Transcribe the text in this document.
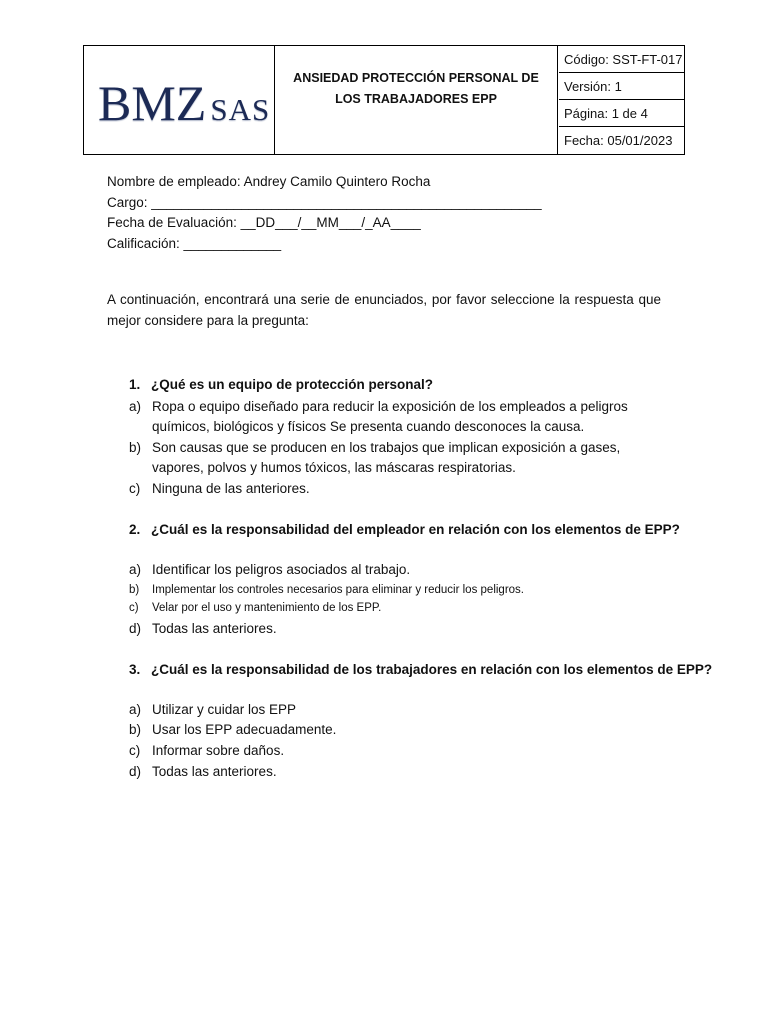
BMZ SAS
ANSIEDAD PROTECCIÓN PERSONAL DE LOS TRABAJADORES EPP
Código: SST-FT-017
Versión: 1
Página: 1 de 4
Fecha: 05/01/2023
Nombre de empleado: Andrey Camilo Quintero Rocha
Cargo: ____________________________________________________
Fecha de Evaluación: __DD___/__MM___/_AA____
Calificación: _____________
A continuación, encontrará una serie de enunciados, por favor seleccione la respuesta que mejor considere para la pregunta:
1. ¿Qué es un equipo de protección personal?
a) Ropa o equipo diseñado para reducir la exposición de los empleados a peligros químicos, biológicos y físicos Se presenta cuando desconoces la causa.
b) Son causas que se producen en los trabajos que implican exposición a gases, vapores, polvos y humos tóxicos, las máscaras respiratorias.
c) Ninguna de las anteriores.
2. ¿Cuál es la responsabilidad del empleador en relación con los elementos de EPP?
a) Identificar los peligros asociados al trabajo.
b) Implementar los controles necesarios para eliminar y reducir los peligros.
c) Velar por el uso y mantenimiento de los EPP.
d) Todas las anteriores.
3. ¿Cuál es la responsabilidad de los trabajadores en relación con los elementos de EPP?
a) Utilizar y cuidar los EPP
b) Usar los EPP adecuadamente.
c) Informar sobre daños.
d) Todas las anteriores.
